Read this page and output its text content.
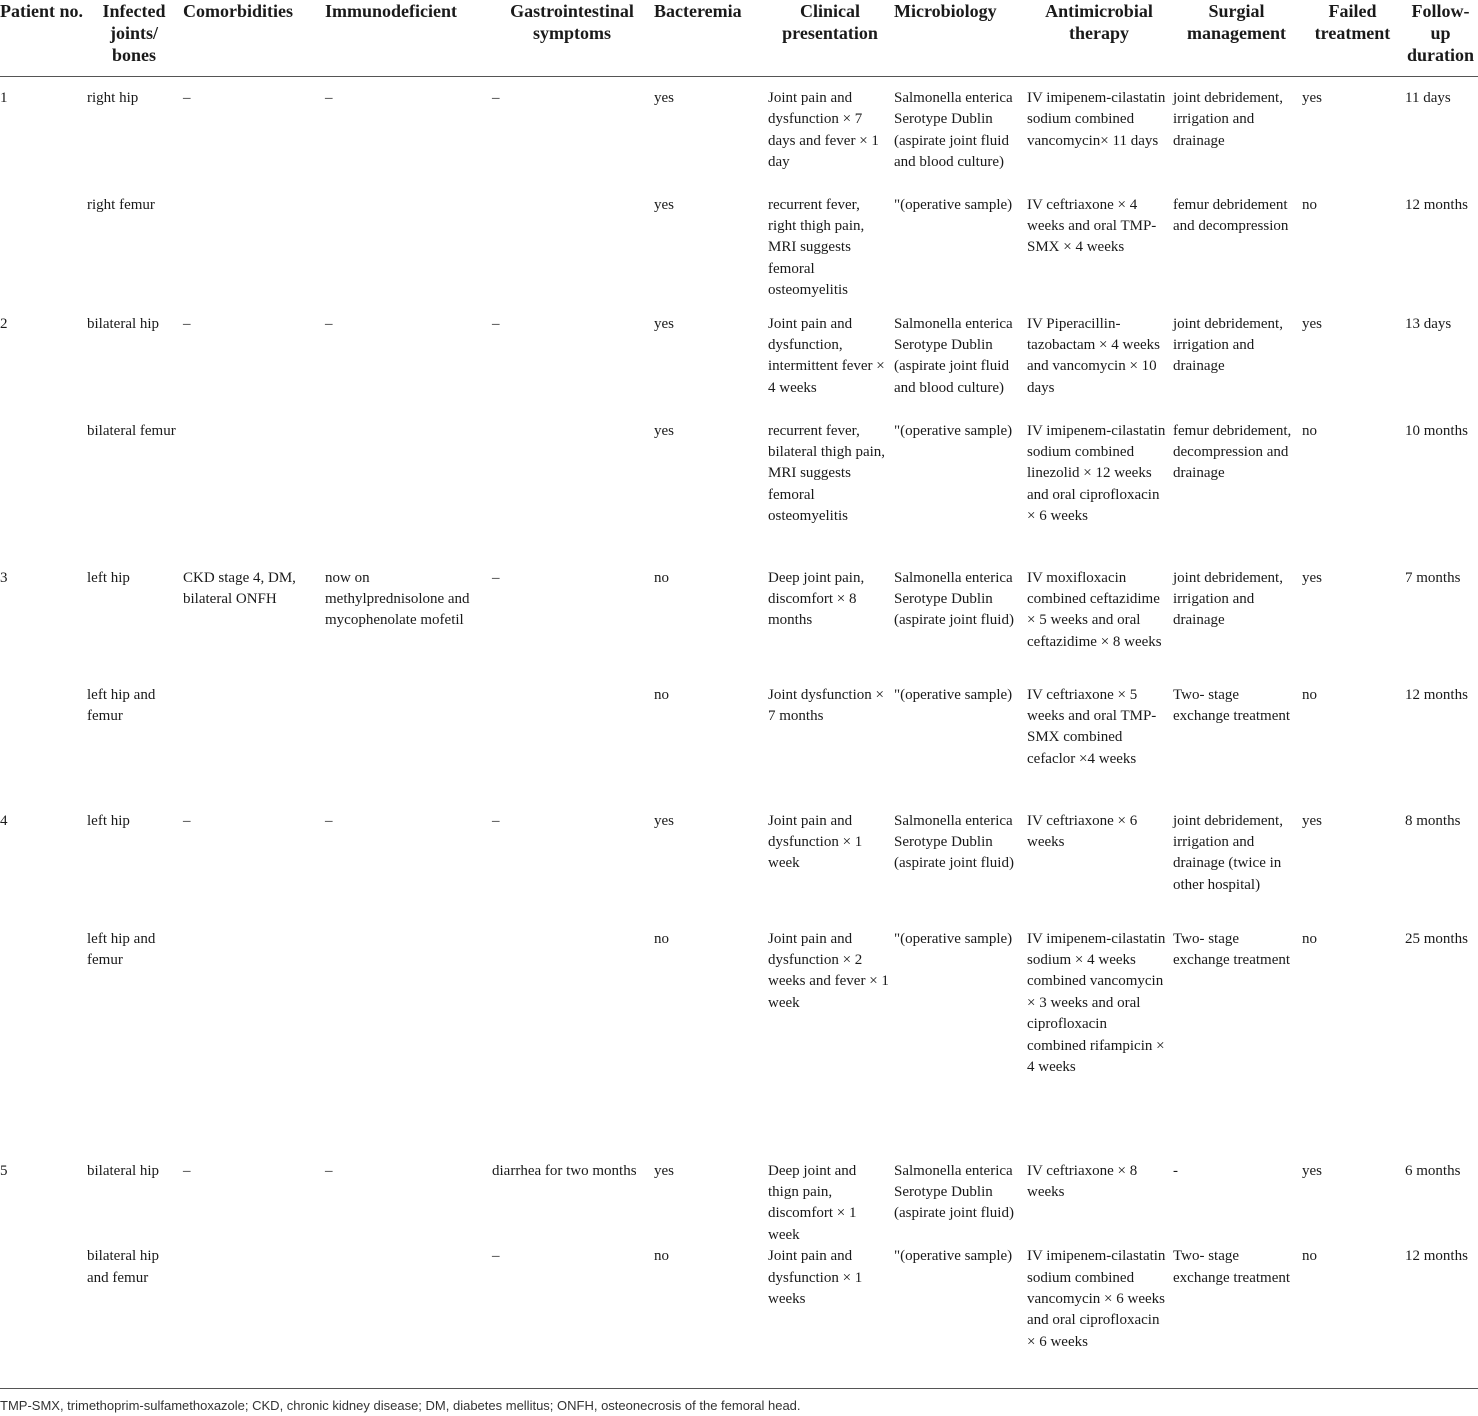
Patient no.	Infected joints/ bones	Comorbidities	Immunodeficient	Gastrointestinal symptoms	Bacteremia	Clinical presentation	Microbiology	Antimicrobial therapy	Surgial management	Failed treatment	Follow-up duration
1	right hip	–	–	–	yes	Joint pain and dysfunction × 7 days and fever × 1 day	Salmonella enterica Serotype Dublin (aspirate joint fluid and blood culture)	IV imipenem-cilastatin sodium combined vancomycin× 11 days	joint debridement, irrigation and drainage	yes	11 days
	right femur				yes	recurrent fever, right thigh pain, MRI suggests femoral osteomyelitis	"(operative sample)	IV ceftriaxone × 4 weeks and oral TMP-SMX × 4 weeks	femur debridement and decompression	no	12 months
2	bilateral hip	–	–	–	yes	Joint pain and dysfunction, intermittent fever × 4 weeks	Salmonella enterica Serotype Dublin (aspirate joint fluid and blood culture)	IV Piperacillin-tazobactam × 4 weeks and vancomycin × 10 days	joint debridement, irrigation and drainage	yes	13 days
	bilateral femur				yes	recurrent fever, bilateral thigh pain, MRI suggests femoral osteomyelitis	"(operative sample)	IV imipenem-cilastatin sodium combined linezolid × 12 weeks and oral ciprofloxacin × 6 weeks	femur debridement, decompression and drainage	no	10 months
3	left hip	CKD stage 4, DM, bilateral ONFH	now on methylprednisolone and mycophenolate mofetil	–	no	Deep joint pain, discomfort × 8 months	Salmonella enterica Serotype Dublin (aspirate joint fluid)	IV moxifloxacin combined ceftazidime × 5 weeks and oral ceftazidime × 8 weeks	joint debridement, irrigation and drainage	yes	7 months
	left hip and femur				no	Joint dysfunction × 7 months	"(operative sample)	IV ceftriaxone × 5 weeks and oral TMP-SMX combined cefaclor ×4 weeks	Two- stage exchange treatment	no	12 months
4	left hip	–	–	–	yes	Joint pain and dysfunction × 1 week	Salmonella enterica Serotype Dublin (aspirate joint fluid)	IV ceftriaxone × 6 weeks	joint debridement, irrigation and drainage (twice in other hospital)	yes	8 months
	left hip and femur				no	Joint pain and dysfunction × 2 weeks and fever × 1 week	"(operative sample)	IV imipenem-cilastatin sodium × 4 weeks combined vancomycin × 3 weeks and oral ciprofloxacin combined rifampicin × 4 weeks	Two- stage exchange treatment	no	25 months
5	bilateral hip	–	–	diarrhea for two months	yes	Deep joint and thign pain, discomfort × 1 week	Salmonella enterica Serotype Dublin (aspirate joint fluid)	IV ceftriaxone × 8 weeks	-	yes	6 months
	bilateral hip and femur			–	no	Joint pain and dysfunction × 1 weeks	"(operative sample)	IV imipenem-cilastatin sodium combined vancomycin × 6 weeks and oral ciprofloxacin × 6 weeks	Two- stage exchange treatment	no	12 months
TMP-SMX, trimethoprim-sulfamethoxazole; CKD, chronic kidney disease; DM, diabetes mellitus; ONFH, osteonecrosis of the femoral head.
